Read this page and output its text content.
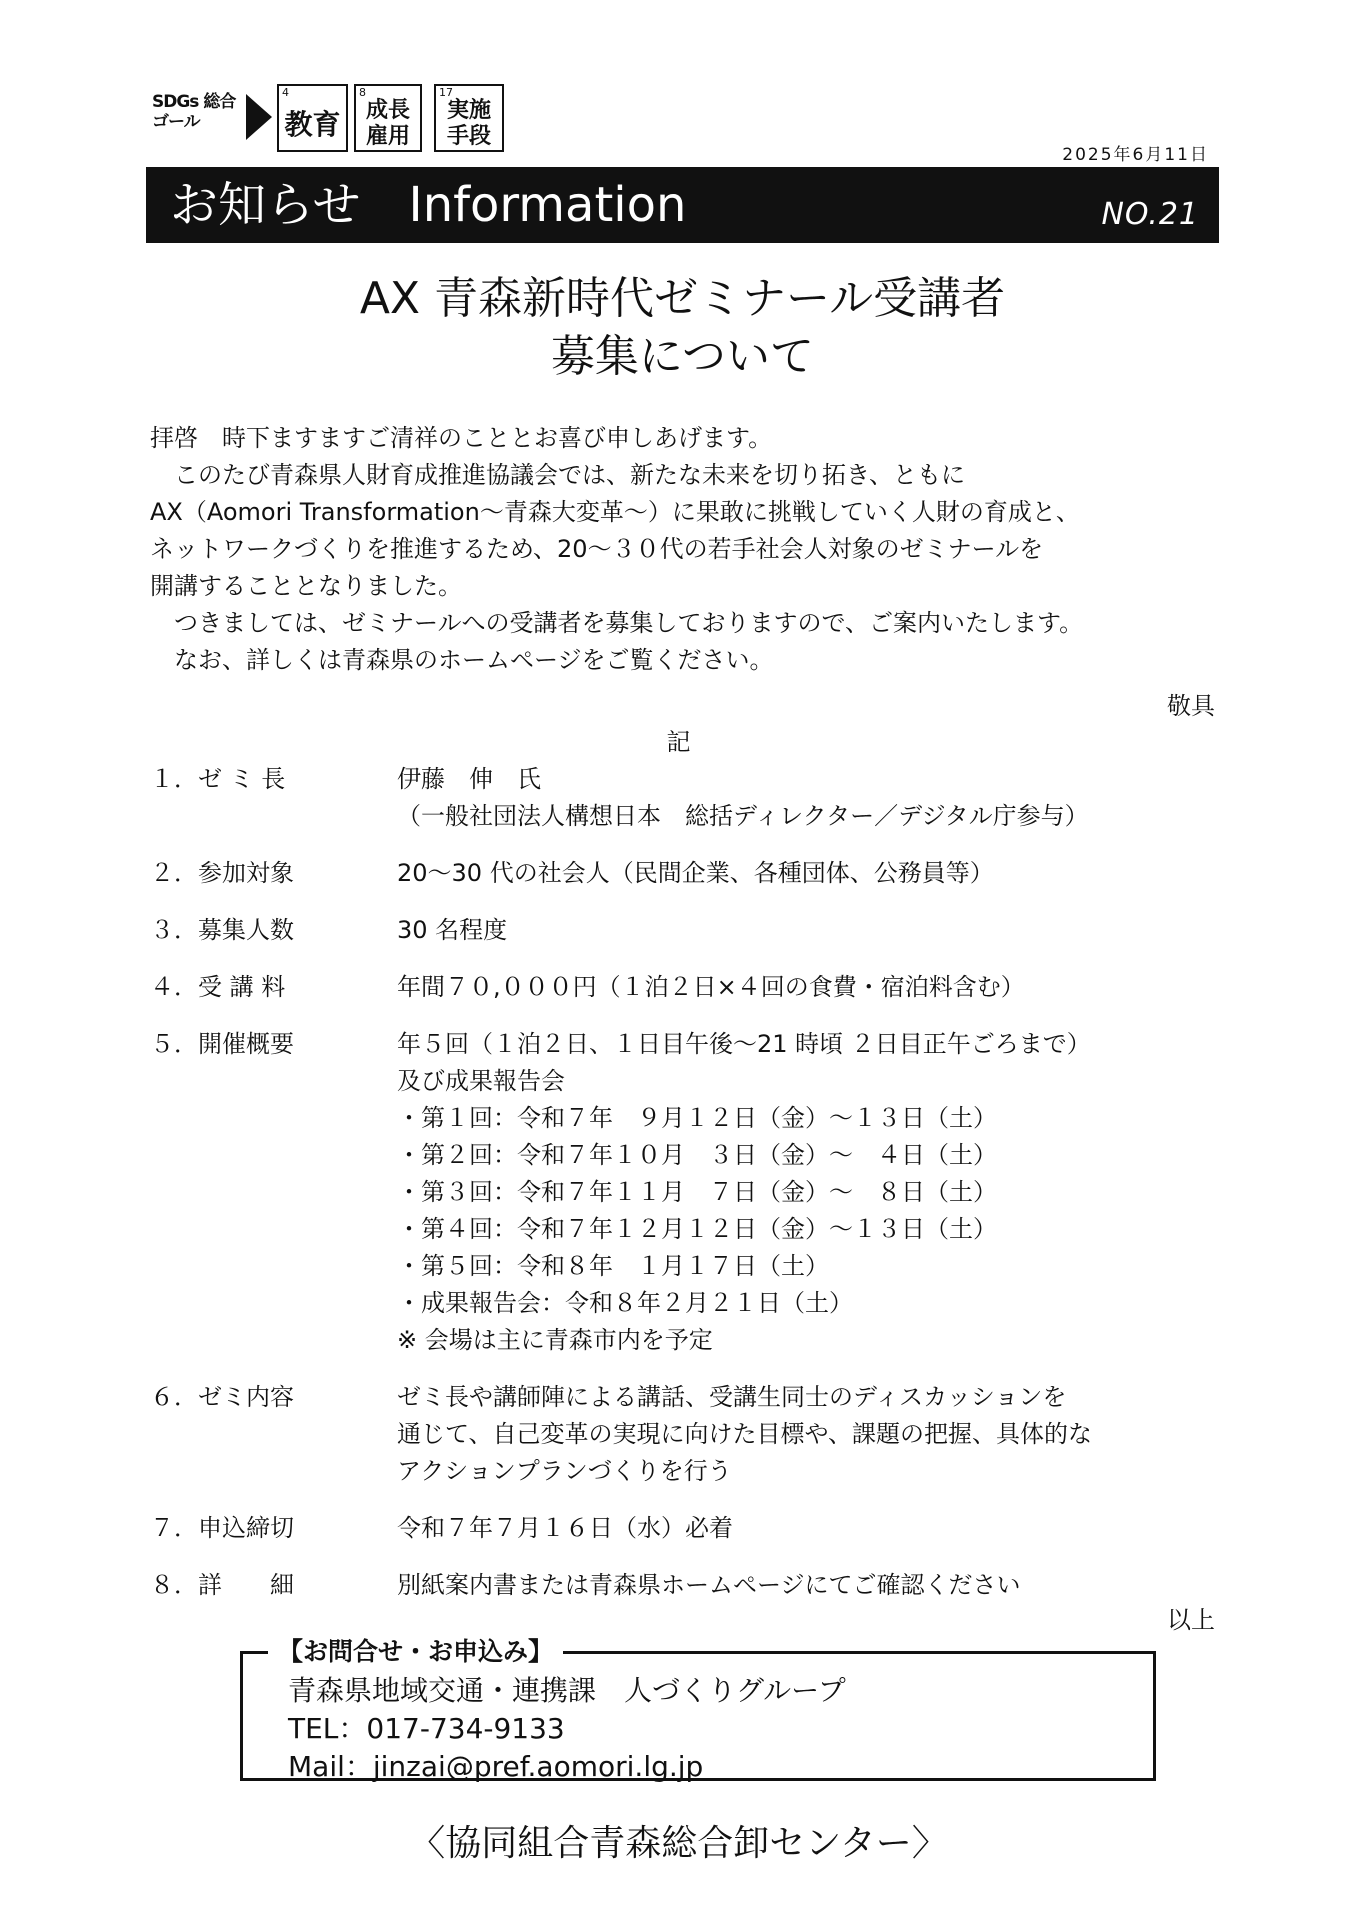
SDGs 総合ゴール
4
教育
8
成長
雇用
17
実施
手段
2025年6月11日
お知らせ　Information	NO.21
AX 青森新時代ゼミナール受講者
募集について
拝啓　時下ますますご清祥のこととお喜び申しあげます。
　このたび青森県人財育成推進協議会では、新たな未来を切り拓き、ともに
AX（Aomori Transformation〜青森大変革〜）に果敢に挑戦していく人財の育成と、
ネットワークづくりを推進するため、20〜３０代の若手社会人対象のゼミナールを
開講することとなりました。
　つきましては、ゼミナールへの受講者を募集しておりますので、ご案内いたします。
　なお、詳しくは青森県のホームページをご覧ください。
敬具
記
１．ゼ ミ 長	伊藤　伸　氏
（一般社団法人構想日本　総括ディレクター／デジタル庁参与）
２．参加対象	20〜30 代の社会人（民間企業、各種団体、公務員等）
３．募集人数	30 名程度
４．受 講 料	年間７０,０００円（１泊２日×４回の食費・宿泊料含む）
５．開催概要	年５回（１泊２日、１日目午後〜21 時頃 ２日目正午ごろまで）
及び成果報告会
・第１回：令和７年　９月１２日（金）〜１３日（土）
・第２回：令和７年１０月　３日（金）〜　４日（土）
・第３回：令和７年１１月　７日（金）〜　８日（土）
・第４回：令和７年１２月１２日（金）〜１３日（土）
・第５回：令和８年　１月１７日（土）
・成果報告会：令和８年２月２１日（土）
※ 会場は主に青森市内を予定
６．ゼミ内容	ゼミ長や講師陣による講話、受講生同士のディスカッションを
通じて、自己変革の実現に向けた目標や、課題の把握、具体的な
アクションプランづくりを行う
７．申込締切	令和７年７月１６日（水）必着
８．詳　　細	別紙案内書または青森県ホームページにてご確認ください
以上
【お問合せ・お申込み】
青森県地域交通・連携課　人づくりグループ
TEL：017-734-9133
Mail：jinzai@pref.aomori.lg.jp
〈協同組合青森総合卸センター〉
